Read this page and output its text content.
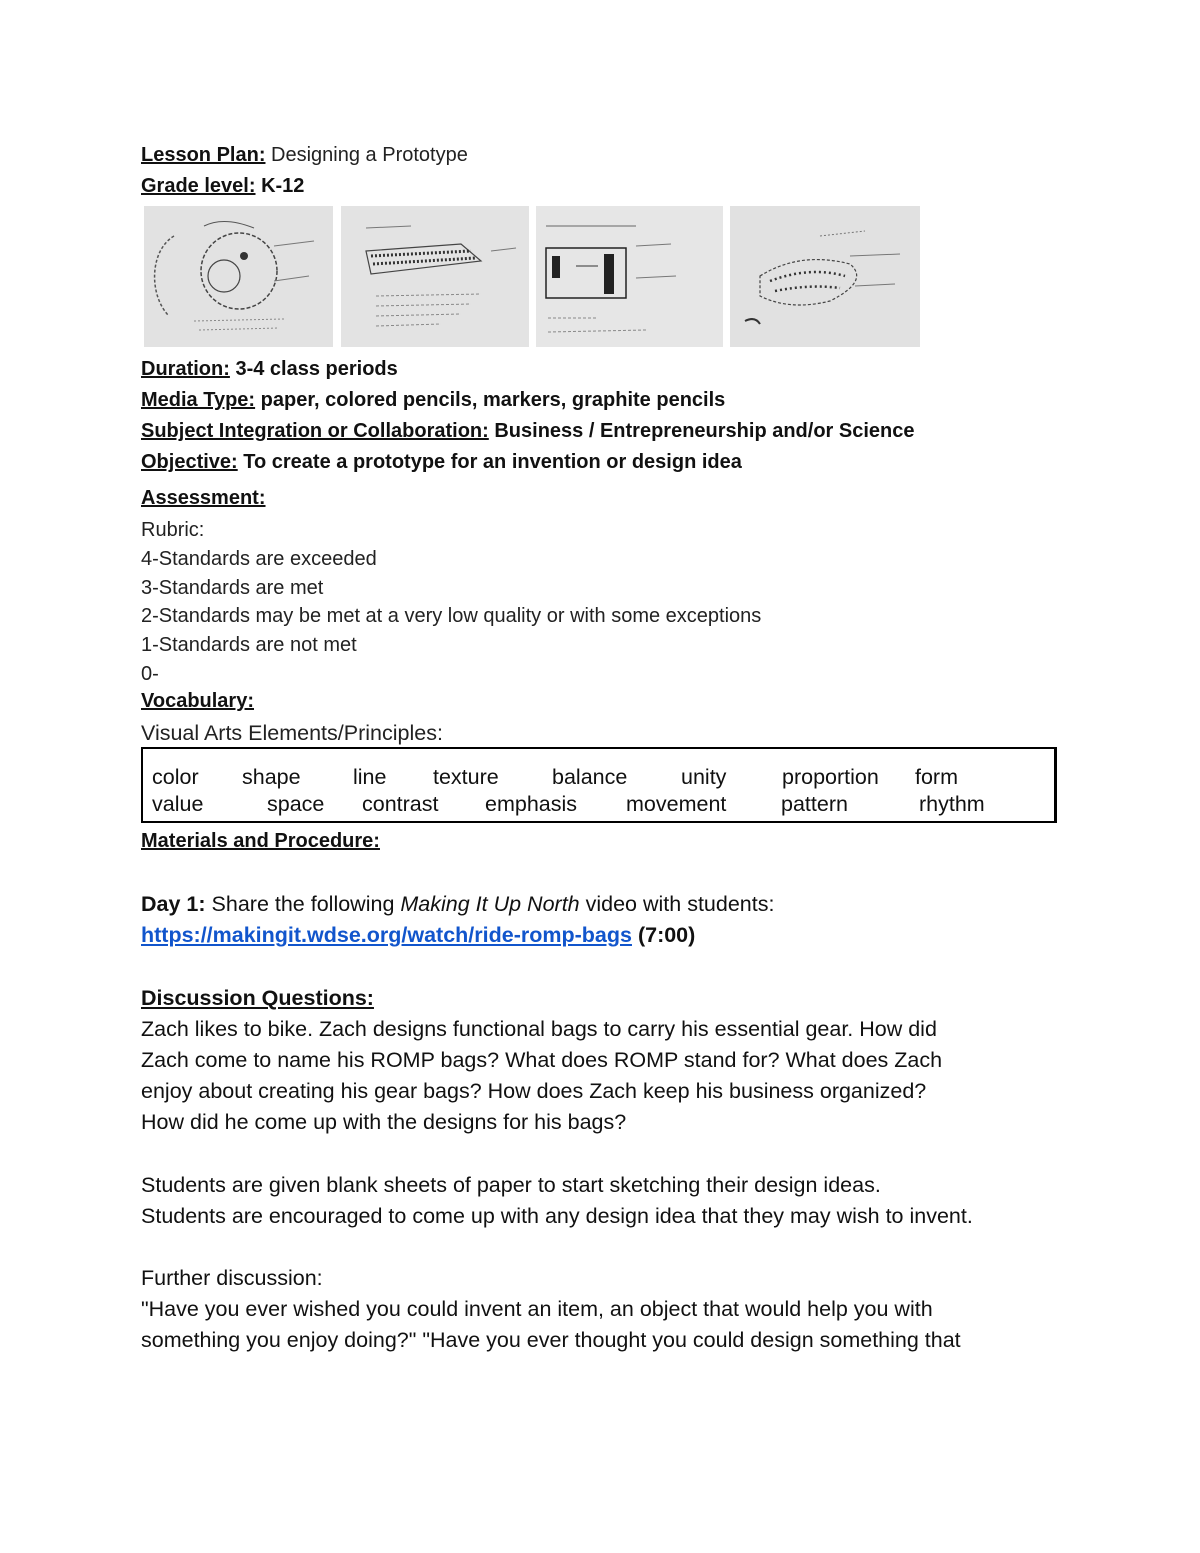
Lesson Plan: Designing a Prototype
Grade level: K-12
Duration: 3-4 class periods
Media Type: paper, colored pencils, markers, graphite pencils
Subject Integration or Collaboration: Business / Entrepreneurship and/or Science
Objective: To create a prototype for an invention or design idea
Assessment:
Rubric:
4-Standards are exceeded
3-Standards are met
2-Standards may be met at a very low quality or with some exceptions
1-Standards are not met
0-
Vocabulary:
Visual Arts Elements/Principles:
color shape line texture balance unity	proportion form
value	space contrast emphasis movement	pattern	rhythm
Materials and Procedure:
Day 1: Share the following Making It Up North video with students:
https://makingit.wdse.org/watch/ride-romp-bags (7:00)
Discussion Questions:
Zach likes to bike. Zach designs functional bags to carry his essential gear. How did
Zach come to name his ROMP bags? What does ROMP stand for? What does Zach
enjoy about creating his gear bags? How does Zach keep his business organized?
How did he come up with the designs for his bags?
Students are given blank sheets of paper to start sketching their design ideas.
Students are encouraged to come up with any design idea that they may wish to invent.
Further discussion:
"Have you ever wished you could invent an item, an object that would help you with
something you enjoy doing?" "Have you ever thought you could design something that
